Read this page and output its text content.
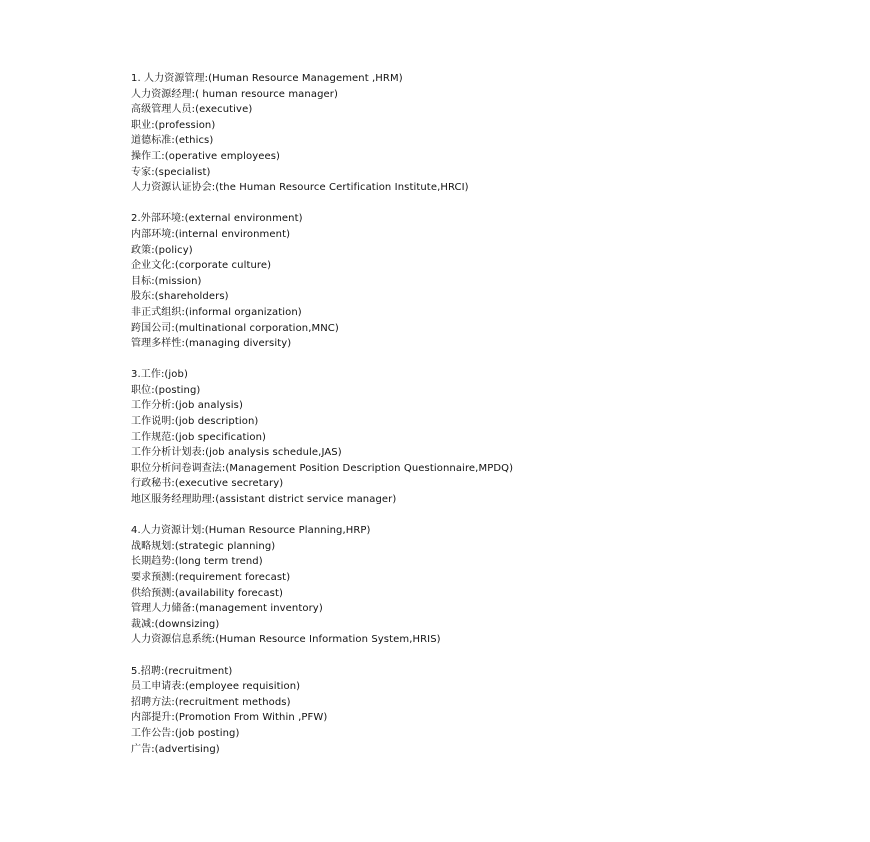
1. 人力资源管理:(Human Resource Management ,HRM)
人力资源经理:( human resource manager)
高级管理人员:(executive)
职业:(profession)
道德标准:(ethics)
操作工:(operative employees)
专家:(specialist)
人力资源认证协会:(the Human Resource Certification Institute,HRCI)
2.外部环境:(external environment)
内部环境:(internal environment)
政策:(policy)
企业文化:(corporate culture)
目标:(mission)
股东:(shareholders)
非正式组织:(informal organization)
跨国公司:(multinational corporation,MNC)
管理多样性:(managing diversity)
3.工作:(job)
职位:(posting)
工作分析:(job analysis)
工作说明:(job description)
工作规范:(job specification)
工作分析计划表:(job analysis schedule,JAS)
职位分析问卷调查法:(Management Position Description Questionnaire,MPDQ)
行政秘书:(executive secretary)
地区服务经理助理:(assistant district service manager)
4.人力资源计划:(Human Resource Planning,HRP)
战略规划:(strategic planning)
长期趋势:(long term trend)
要求预测:(requirement forecast)
供给预测:(availability forecast)
管理人力储备:(management inventory)
裁减:(downsizing)
人力资源信息系统:(Human Resource Information System,HRIS)
5.招聘:(recruitment)
员工申请表:(employee requisition)
招聘方法:(recruitment methods)
内部提升:(Promotion From Within ,PFW)
工作公告:(job posting)
广告:(advertising)
